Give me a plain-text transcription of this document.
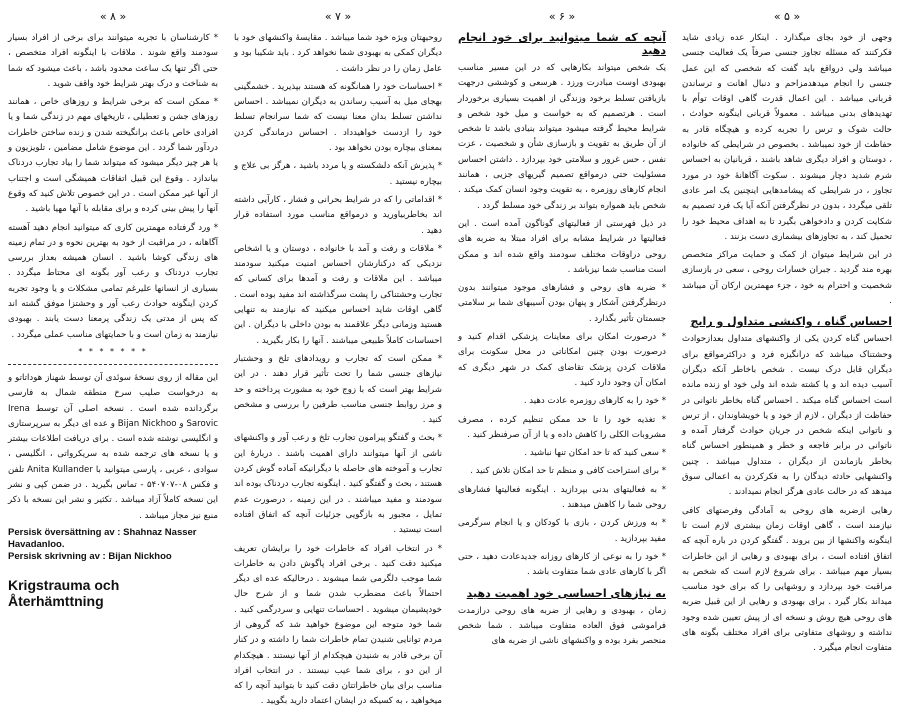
« ۸ »

* کارشناسان با تجربه میتوانند برای برخی از افراد بسیار سودمند واقع شوند . ملاقات با اینگونه افراد متخصص ، حتی اگر تنها یک ساعت محدود باشد ، باعث میشود که شما به شناخت و درک بهتر شرایط خود واقف شوید .

* ممکن است که برخی شرایط و روزهای خاص ، همانند روزهای جشن و تعطیلی ، تاریخهای مهم در زندگی شما و یا افرادی خاص باعث برانگیخته شدن و زنده ساختن خاطرات دردآور شما گردد . این موضوع شامل مضامین ، تلویزیون و یا هر چیز دیگر میشود که میتواند شما را بیاد تجارب دردناک بیاندازد . وقوع این قبیل اتفاقات همیشگی است و اجتناب از آنها غیر ممکن است . در این خصوص تلاش کنید که وقوع آنها را پیش بینی کرده و برای مقابله با آنها مهیا باشید .

* ورد گرفتاده مهمترین کاری که میتوانید انجام دهید آهسته آگاهانه ، در مراقبت از خود به بهترین نحوه و در تمام زمینه های زندگی کوشا باشید . انسان همیشه بعداز بررسی تجارب دردناک و رعب آور بگونه ای محتاط میگردد . بسیاری از انسانها علیرغم تمامی مشکلات و یا وجود تجربه کردن اینگونه حوادث رعب آور و وحشتزا موفق گشته اند که پس از مدتی یک زندگی پرمعنا دست یابند . بهبودی نیازمند به زمان است و با حمایتهای مناسب عملی میگردد .

* * * * * * *

این مقاله از روی نسخهٔ سوئدی آن توسط شهناز هوداتاتو و به درخواست صلیب سرخ منطقه شمال به فارسی برگردانده شده است . نسخه اصلی آن توسط Irena Sarovic و Bijan Nickhoo و عده ای دیگر به سرپرستاری و انگلیسی نوشته شده است . برای دریافت اطلاعات بیشتر و یا نسخه های ترجمه شده به سریکرواتی ، انگلیسی ، سوادی ، عربی ، پارسی میتوانید با Anita Kullander تلفن و فکس ۰۸-۵۴۰۷۰۷ - تماس بگیرید . در ضمن کپی و نشر این نسخه کاملاً آزاد میباشد . تکثیر و نشر این نسخه با ذکر منبع نیز مجاز میباشد .

Persisk översättning av : Shahnaz Nasser Havadanloo.
Persisk skrivning av : Bijan Nickhoo
Krigstrauma och Återhämttning
« ۷ »

روحیهتان ویژه خود شما میباشد . مقایسهٔ واکنشهای خود با دیگران کمکی به بهبودی شما نخواهد کرد . باید شکیبا بود و عامل زمان را در نظر داشت .

* احساسات خود را همانگونه که هستند بپذیرید . خشمگینی بهجای میل به آسیب رساندن به دیگران نمیباشد . احساس نداشتن تسلط بدان معنا نیست که شما سرانجام تسلط خود را ازدست خواهیدداد . احساس درماندگی کردن بمعنای بیچاره بودن نخواهد بود .

* پذیرش آنکه دلشکسته و یا مردد باشید ، هرگز بی علاج و بیچاره نیستید .

* اقداماتی را که در شرایط بحرانی و فشار ، کارآیی داشته اند بخاطربیاورید و درمواقع مناسب مورد استفاده قرار دهید .

* ملاقات و رفت و آمد با خانواده ، دوستان و یا اشخاص نزدیکی که درکنارشان احساس امنیت میکنید سودمند میباشد . این ملاقات و رفت و آمدها برای کسانی که تجارب وحشتناکی را پشت سرگذاشته اند مفید بوده است . گاهی اوقات شاید احساس میکنید که نیازمند به تنهایی هستید وزمانی دیگر علاقمند به بودن داخلی با دیگران . این احساسات کاملاً طبیعی میباشند . آنها را بکار بگیرید .

* ممکن است که تجارب و رویدادهای تلخ و وحشتبار نیازهای جنسی شما را تحت تأثیر قرار دهند . در این شرایط بهتر است که با زوج خود به مشورت پرداخته و حد و مرز روابط جنسی مناسب طرفین را بررسی و مشخص کنید .

* بحث و گفتگو پیرامون تجارب تلخ و رعب آور و واکنشهای ناشی از آنها میتوانند دارای اهمیت باشند . دربارهٔ این تجارب و آموخته های حاصله با دیگرانیکه آماده گوش کردن هستند ، بحث و گفتگو کنید . اینگونه تجارب دردناک بوده اند سودمند و مفید میباشند . در این زمینه ، درصورت عدم تمایل ، مجبور به بازگویی جزئیات آنچه که اتفاق افتاده است نیستید .

* در انتخاب افراد که خاطرات خود را برایشان تعریف میکنید دقت کنید . برخی افراد پاگوش دادن به خاطرات شما موجب دلگرمی شما میشوند . درحالیکه عده ای دیگر احتمالاً باعث مضطرب شدن شما و از شرح حال خودپشیمان میشوید . احساسات تنهایی و سردرگمی کنید . شما خود متوجه این موضوع خواهید شد که گروهی از مردم توانایی شنیدن تمام خاطرات شما را داشته و در کنار آن برخی قادر به شنیدن هیچکدام از آنها نیستند . هیچکدام از این دو ، برای شما عیب نیستند . در انتخاب افراد مناسب برای بیان خاطراتتان دقت کنید تا بتوانید آنچه را که میخواهید ، به کسیکه در ایشان اعتماد دارید بگویید .

« ۶ »
آنچه که شما میتوانید برای خود انجام دهید

یک شخص میتواند بکارهایی که در این مسیر مناسب بهبودی اوست مبادرت ورزد . هرسعی و کوششی درجهت بازیافتن تسلط برخود وزندگی از اهمیت بسیاری برخوردار است . هرتصمیم که به خواست و میل خود شخص و شرایط محیط گرفته میشود میتواند بنیادی باشد تا شخص از آن طریق به تقویت و بازسازی شأن و شخصیت ، عزت نفس ، حس غرور و سلامتی خود بپردازد . داشتن احساس مسئولیت حتی درمواقع تصمیم گیریهای جزیی ، همانند انجام کارهای روزمره ، به تقویت وجود انسان کمک میکند . شخص باید همواره بتواند بر زندگی خود مسلط گردد .

در ذیل فهرستی از فعالیتهای گوناگون آمده است . این فعالیتها در شرایط مشابه برای افراد مبتلا به ضربه های روحی دراوقات مختلف سودمند واقع شده اند و ممکن است مناسب شما نیزباشد .

* ضربه های روحی و فشارهای موجود میتوانند بدون درنظرگرفتن آشکار و پنهان بودن آسیبهای شما بر سلامتی جسمتان تأثیر بگذارد .

* درصورت امکان برای معاینات پزشکی اقدام کنید و درصورت بودن چنین امکاناتی در محل سکونت برای ملاقات کردن پزشک تقاضای کمک در شهر دیگری که امکان آن وجود دارد کنید .

* خود را به کارهای روزمره عادت دهید .

* تغذیه خود را تا حد ممکن تنظیم کرده ، مصرف مشروبات الکلی را کاهش داده و یا از آن صرفنظر کنید .

* سعی کنید که تا حد امکان تنها نباشید .

* برای استراحت کافی و منظم تا حد امکان تلاش کنید .

* به فعالیتهای بدنی بپردازید . اینگونه فعالیتها فشارهای روحی شما را کاهش میدهند .

* به ورزش کردن ، بازی با کودکان و یا انجام سرگرمی مفید بپردازید .

* خود را به نوعی از کارهای روزانه جدیدعادت دهید ، حتی اگر با کارهای عادی شما متفاوت باشد .

به نیازهای احساسی خود اهمیت دهید

زمان ، بهبودی و رهایی از ضربه های روحی درازمدت فراموشی فوق العاده متفاوت میباشد . شما شخص منحصر بفرد بوده و واکنشهای ناشی از ضربه های

« ۵ »

وجهی از خود بجای میگذارد . اینکار عده زیادی شاید فکرکنند که مسئله تجاوز جنسی صرفاً یک فعالیت جنسی میباشد ولی درواقع باید گفت که شخصی که این عمل جنسی را انجام میدهدمزاحم و دنبال اهانت و ترساندن قربانی میباشد . این اعمال قدرت گاهی اوقات توأم با تهدیدهای بدنی میباشد . معمولاً قربانی اینگونه حوادث ، حالت شوک و ترس را تجربه کرده و هیچگاه قادر به حفاظت از خود نمیباشد . بخصوص در شرایطی که خانواده ، دوستان و افراد دیگری شاهد باشند ، قربانیان به احساس شرم شدید دچار میشوند . سکوت آگاهانهٔ خود در مورد تجاوز ، در شرایطی که پیشامدهایی اینچنین یک امر عادی تلقی میگردد ، بدون در نظرگرفتن آنکه آیا یک فرد تصمیم به شکایت کردن و دادخواهی بگیرد تا به اهداف محیط خود را تحمیل کند ، به تجاوزهای بیشماری دست بزنند .

در این شرایط میتوان از کمک و حمایت مراکز متخصص بهره مند گردید . جبران خسارات روحی ، سعی در بازسازی شخصیت و احترام به خود ، جزء مهمترین ارکان آن میباشد .

احساس گناه ، واکنشی متداول و رایج

احساس گناه کردن یکی از واکنشهای متداول بعدازحوادث وحشتناک میباشد که درانگیزه فرد و دراکثرمواقع برای دیگران قابل درک نیست . شخص باخاطر آنکه دیگران آسیب دیده اند و یا کشته شده اند ولی خود او زنده مانده است احساس گناه میکند . احساس گناه بخاطر ناتوانی در حفاظت از دیگران ، لازم از خود و یا خویشاوندان ، از ترس و ناتوانی اینکه شخص در جریان حوادث گرفتار آمده و ناتوانی در برابر فاجعه و خطر و همینطور احساس گناه بخاطر بازماندن از دیگران ، متداول میباشد . چنین واکنشهایی حادثه دیدگان را به فکرکردن به اعمالی سوق میدهد که در حالت عادی هرگز انجام نمیدادند .

رهایی ازضربه های روحی به آمادگی وفرصتهای کافی نیازمند است ، گاهی اوقات زمان بیشتری لازم است تا اینگونه واکنشها از بین بروند . گفتگو کردن در باره آنچه که اتفاق افتاده است ، برای بهبودی و رهایی از این خاطرات بسیار مهم میباشد . برای شروع لازم است که شخص به مراقبت خود بپردازد و روشهایی را که برای خود مناسب میداند بکار گیرد . برای بهبودی و رهایی از این قبیل ضربه های روحی هیچ روش و نسخه ای از پیش تعیین شده وجود نداشته و روشهای متفاوتی برای افراد مختلف بگونه های متفاوت انجام میگیرد .
